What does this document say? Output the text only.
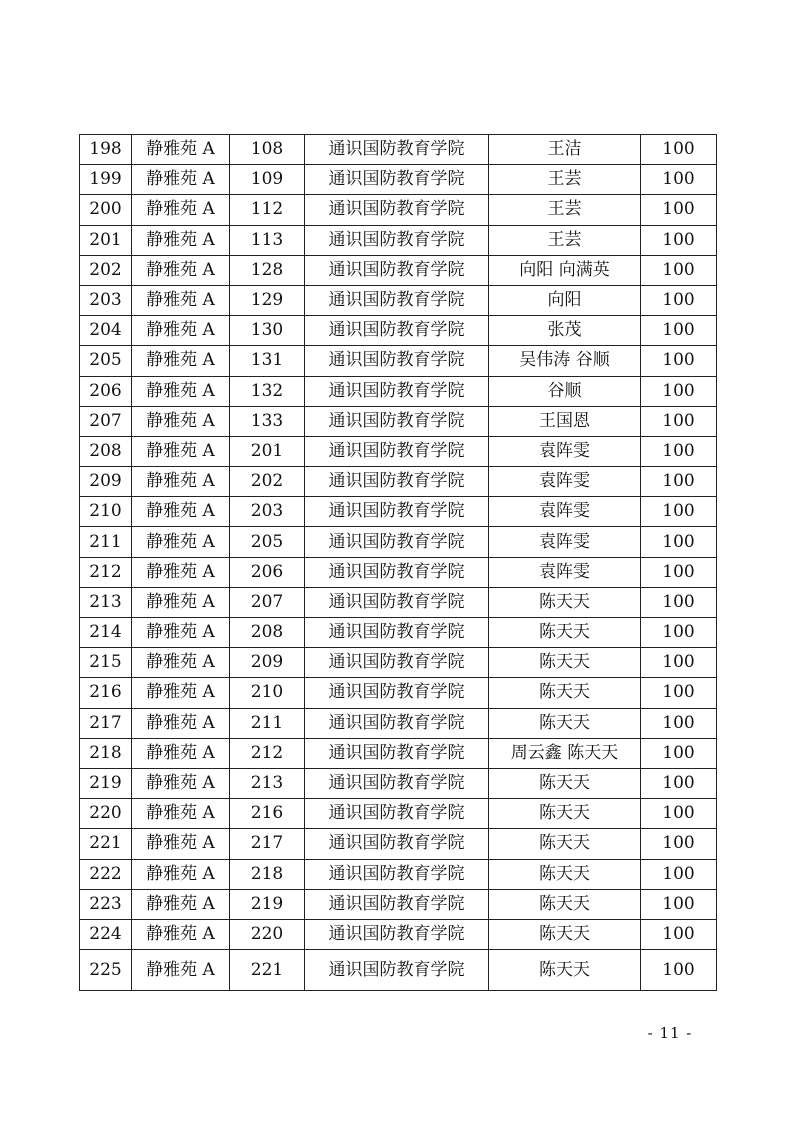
198	静雅苑 A	108	通识国防教育学院	王洁	100
199	静雅苑 A	109	通识国防教育学院	王芸	100
200	静雅苑 A	112	通识国防教育学院	王芸	100
201	静雅苑 A	113	通识国防教育学院	王芸	100
202	静雅苑 A	128	通识国防教育学院	向阳 向满英	100
203	静雅苑 A	129	通识国防教育学院	向阳	100
204	静雅苑 A	130	通识国防教育学院	张茂	100
205	静雅苑 A	131	通识国防教育学院	吴伟涛 谷顺	100
206	静雅苑 A	132	通识国防教育学院	谷顺	100
207	静雅苑 A	133	通识国防教育学院	王国恩	100
208	静雅苑 A	201	通识国防教育学院	袁阵雯	100
209	静雅苑 A	202	通识国防教育学院	袁阵雯	100
210	静雅苑 A	203	通识国防教育学院	袁阵雯	100
211	静雅苑 A	205	通识国防教育学院	袁阵雯	100
212	静雅苑 A	206	通识国防教育学院	袁阵雯	100
213	静雅苑 A	207	通识国防教育学院	陈天天	100
214	静雅苑 A	208	通识国防教育学院	陈天天	100
215	静雅苑 A	209	通识国防教育学院	陈天天	100
216	静雅苑 A	210	通识国防教育学院	陈天天	100
217	静雅苑 A	211	通识国防教育学院	陈天天	100
218	静雅苑 A	212	通识国防教育学院	周云鑫 陈天天	100
219	静雅苑 A	213	通识国防教育学院	陈天天	100
220	静雅苑 A	216	通识国防教育学院	陈天天	100
221	静雅苑 A	217	通识国防教育学院	陈天天	100
222	静雅苑 A	218	通识国防教育学院	陈天天	100
223	静雅苑 A	219	通识国防教育学院	陈天天	100
224	静雅苑 A	220	通识国防教育学院	陈天天	100
225	静雅苑 A	221	通识国防教育学院	陈天天	100
- 11 -
